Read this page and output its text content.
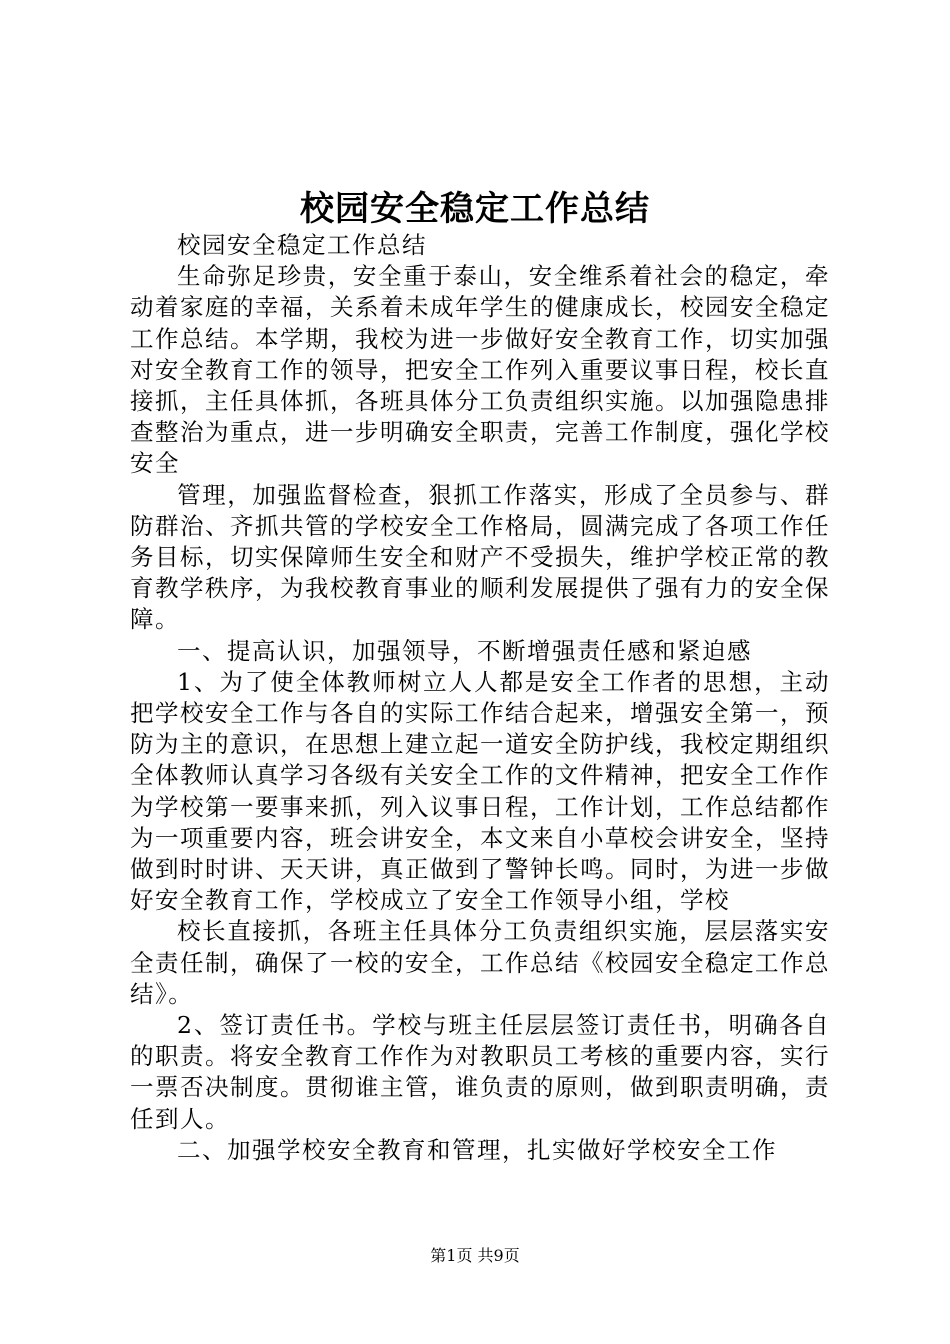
校园安全稳定工作总结

校园安全稳定工作总结

生命弥足珍贵，安全重于泰山，安全维系着社会的稳定，牵动着家庭的幸福，关系着未成年学生的健康成长，校园安全稳定工作总结。本学期，我校为进一步做好安全教育工作，切实加强对安全教育工作的领导，把安全工作列入重要议事日程，校长直接抓，主任具体抓，各班具体分工负责组织实施。以加强隐患排查整治为重点，进一步明确安全职责，完善工作制度，强化学校安全

管理，加强监督检查，狠抓工作落实，形成了全员参与、群防群治、齐抓共管的学校安全工作格局，圆满完成了各项工作任务目标，切实保障师生安全和财产不受损失，维护学校正常的教育教学秩序，为我校教育事业的顺利发展提供了强有力的安全保障。

一、提高认识，加强领导，不断增强责任感和紧迫感

1、为了使全体教师树立人人都是安全工作者的思想，主动把学校安全工作与各自的实际工作结合起来，增强安全第一，预防为主的意识，在思想上建立起一道安全防护线，我校定期组织全体教师认真学习各级有关安全工作的文件精神，把安全工作作为学校第一要事来抓，列入议事日程，工作计划，工作总结都作为一项重要内容，班会讲安全，本文来自小草校会讲安全，坚持做到时时讲、天天讲，真正做到了警钟长鸣。同时，为进一步做好安全教育工作，学校成立了安全工作领导小组，学校

校长直接抓，各班主任具体分工负责组织实施，层层落实安全责任制，确保了一校的安全，工作总结《校园安全稳定工作总结》。

2、签订责任书。学校与班主任层层签订责任书，明确各自的职责。将安全教育工作作为对教职员工考核的重要内容，实行一票否决制度。贯彻谁主管，谁负责的原则，做到职责明确，责任到人。

二、加强学校安全教育和管理，扎实做好学校安全工作

第1页 共9页
